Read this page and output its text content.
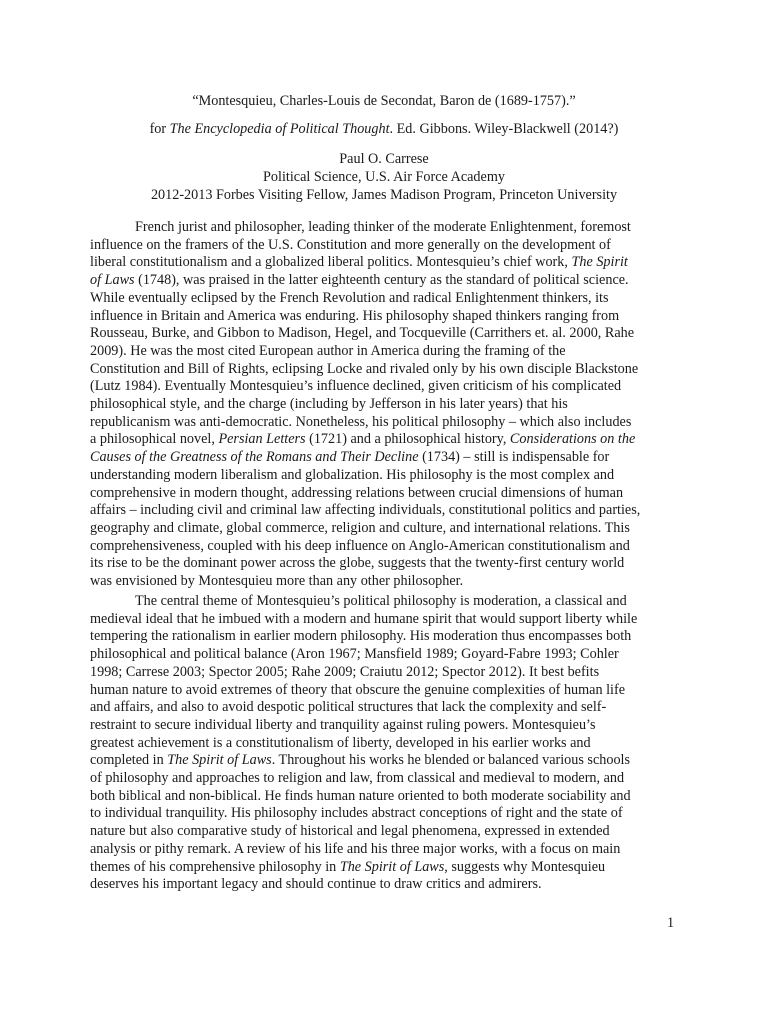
“Montesquieu, Charles-Louis de Secondat, Baron de (1689-1757).”
for The Encyclopedia of Political Thought. Ed. Gibbons. Wiley-Blackwell (2014?)
Paul O. Carrese
Political Science, U.S. Air Force Academy
2012-2013 Forbes Visiting Fellow, James Madison Program, Princeton University
French jurist and philosopher, leading thinker of the moderate Enlightenment, foremost
influence on the framers of the U.S. Constitution and more generally on the development of
liberal constitutionalism and a globalized liberal politics. Montesquieu’s chief work, The Spirit
of Laws (1748), was praised in the latter eighteenth century as the standard of political science.
While eventually eclipsed by the French Revolution and radical Enlightenment thinkers, its
influence in Britain and America was enduring. His philosophy shaped thinkers ranging from
Rousseau, Burke, and Gibbon to Madison, Hegel, and Tocqueville (Carrithers et. al. 2000, Rahe
2009). He was the most cited European author in America during the framing of the
Constitution and Bill of Rights, eclipsing Locke and rivaled only by his own disciple Blackstone
(Lutz 1984). Eventually Montesquieu’s influence declined, given criticism of his complicated
philosophical style, and the charge (including by Jefferson in his later years) that his
republicanism was anti-democratic. Nonetheless, his political philosophy – which also includes
a philosophical novel, Persian Letters (1721) and a philosophical history, Considerations on the
Causes of the Greatness of the Romans and Their Decline (1734) – still is indispensable for
understanding modern liberalism and globalization. His philosophy is the most complex and
comprehensive in modern thought, addressing relations between crucial dimensions of human
affairs – including civil and criminal law affecting individuals, constitutional politics and parties,
geography and climate, global commerce, religion and culture, and international relations. This
comprehensiveness, coupled with his deep influence on Anglo-American constitutionalism and
its rise to be the dominant power across the globe, suggests that the twenty-first century world
was envisioned by Montesquieu more than any other philosopher.
The central theme of Montesquieu’s political philosophy is moderation, a classical and
medieval ideal that he imbued with a modern and humane spirit that would support liberty while
tempering the rationalism in earlier modern philosophy. His moderation thus encompasses both
philosophical and political balance (Aron 1967; Mansfield 1989; Goyard-Fabre 1993; Cohler
1998; Carrese 2003; Spector 2005; Rahe 2009; Craiutu 2012; Spector 2012). It best befits
human nature to avoid extremes of theory that obscure the genuine complexities of human life
and affairs, and also to avoid despotic political structures that lack the complexity and self-
restraint to secure individual liberty and tranquility against ruling powers. Montesquieu’s
greatest achievement is a constitutionalism of liberty, developed in his earlier works and
completed in The Spirit of Laws. Throughout his works he blended or balanced various schools
of philosophy and approaches to religion and law, from classical and medieval to modern, and
both biblical and non-biblical. He finds human nature oriented to both moderate sociability and
to individual tranquility. His philosophy includes abstract conceptions of right and the state of
nature but also comparative study of historical and legal phenomena, expressed in extended
analysis or pithy remark. A review of his life and his three major works, with a focus on main
themes of his comprehensive philosophy in The Spirit of Laws, suggests why Montesquieu
deserves his important legacy and should continue to draw critics and admirers.
1
